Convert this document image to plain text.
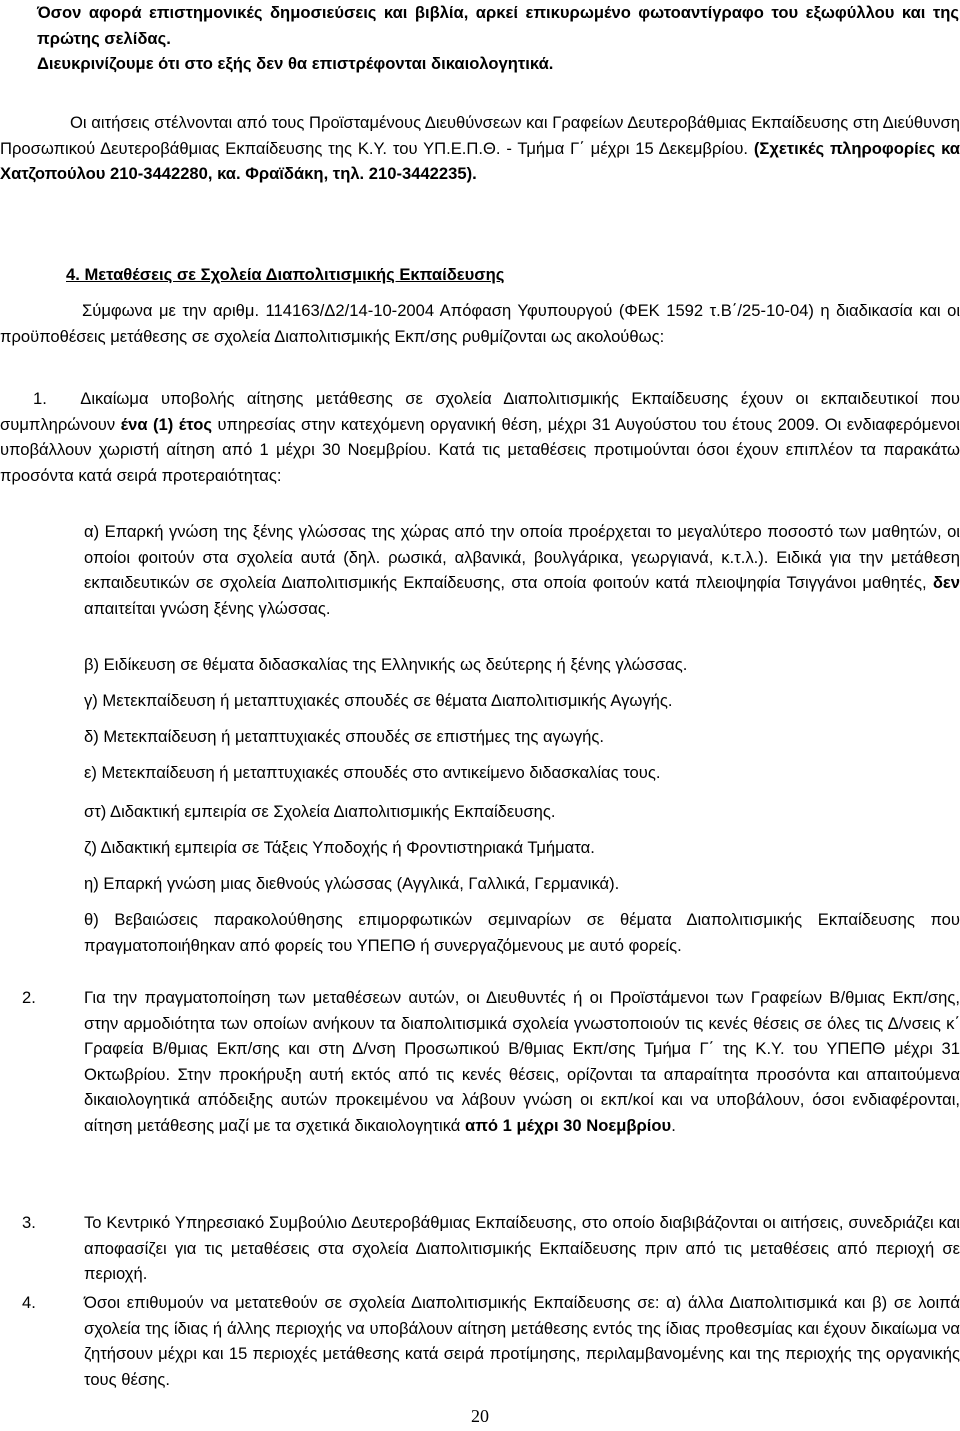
Όσον αφορά επιστημονικές δημοσιεύσεις και βιβλία, αρκεί επικυρωμένο φωτοαντίγραφο του εξωφύλλου και της πρώτης σελίδας.

Διευκρινίζουμε ότι στο εξής δεν θα επιστρέφονται δικαιολογητικά.

Οι αιτήσεις στέλνονται από τους Προϊσταμένους Διευθύνσεων και Γραφείων Δευτεροβάθμιας Εκπαίδευσης στη Διεύθυνση Προσωπικού Δευτεροβάθμιας Εκπαίδευσης της Κ.Υ. του ΥΠ.Ε.Π.Θ. - Τμήμα Γ΄ μέχρι 15 Δεκεμβρίου. (Σχετικές πληροφορίες κα Χατζοπούλου 210-3442280, κα. Φραϊδάκη, τηλ. 210-3442235).

4. Μεταθέσεις σε Σχολεία Διαπολιτισμικής Εκπαίδευσης

Σύμφωνα με την αριθμ. 114163/Δ2/14-10-2004 Απόφαση Υφυπουργού (ΦΕΚ 1592 τ.Β΄/25-10-04) η διαδικασία και οι προϋποθέσεις μετάθεσης σε σχολεία Διαπολιτισμικής Εκπ/σης ρυθμίζονται ως ακολούθως:

1. Δικαίωμα υποβολής αίτησης μετάθεσης σε σχολεία Διαπολιτισμικής Εκπαίδευσης έχουν οι εκπαιδευτικοί που συμπληρώνουν ένα (1) έτος υπηρεσίας στην κατεχόμενη οργανική θέση, μέχρι 31 Αυγούστου του έτους 2009. Οι ενδιαφερόμενοι υποβάλλουν χωριστή αίτηση από 1 μέχρι 30 Νοεμβρίου. Κατά τις μεταθέσεις προτιμούνται όσοι έχουν επιπλέον τα παρακάτω προσόντα κατά σειρά προτεραιότητας:
α) Επαρκή γνώση της ξένης γλώσσας της χώρας από την οποία προέρχεται το μεγαλύτερο ποσοστό των μαθητών, οι οποίοι φοιτούν στα σχολεία αυτά (δηλ. ρωσικά, αλβανικά, βουλγάρικα, γεωργιανά, κ.τ.λ.). Ειδικά για την μετάθεση εκπαιδευτικών σε σχολεία Διαπολιτισμικής Εκπαίδευσης, στα οποία φοιτούν κατά πλειοψηφία Τσιγγάνοι μαθητές, δεν απαιτείται γνώση ξένης γλώσσας.

β) Ειδίκευση σε θέματα διδασκαλίας της Ελληνικής ως δεύτερης ή ξένης γλώσσας.

γ) Μετεκπαίδευση ή μεταπτυχιακές σπουδές σε θέματα Διαπολιτισμικής Αγωγής.

δ) Μετεκπαίδευση ή μεταπτυχιακές σπουδές σε επιστήμες της αγωγής.

ε) Μετεκπαίδευση ή μεταπτυχιακές σπουδές στο αντικείμενο διδασκαλίας τους.

στ) Διδακτική εμπειρία σε Σχολεία Διαπολιτισμικής Εκπαίδευσης.

ζ) Διδακτική εμπειρία σε Τάξεις Υποδοχής ή Φροντιστηριακά Τμήματα.

η) Επαρκή γνώση μιας διεθνούς γλώσσας (Αγγλικά, Γαλλικά, Γερμανικά).

θ) Βεβαιώσεις παρακολούθησης επιμορφωτικών σεμιναρίων σε θέματα Διαπολιτισμικής Εκπαίδευσης που πραγματοποιήθηκαν από φορείς του ΥΠΕΠΘ ή συνεργαζόμενους με αυτό φορείς.

2.	Για την πραγματοποίηση των μεταθέσεων αυτών, οι Διευθυντές ή οι Προϊστάμενοι των Γραφείων Β/θμιας Εκπ/σης, στην αρμοδιότητα των οποίων ανήκουν τα διαπολιτισμικά σχολεία γνωστοποιούν τις κενές θέσεις σε όλες τις Δ/νσεις κ΄ Γραφεία Β/θμιας Εκπ/σης και στη Δ/νση Προσωπικού Β/θμιας Εκπ/σης Τμήμα Γ΄ της Κ.Υ. του ΥΠΕΠΘ μέχρι 31 Οκτωβρίου. Στην προκήρυξη αυτή εκτός από τις κενές θέσεις, ορίζονται τα απαραίτητα προσόντα και απαιτούμενα δικαιολογητικά απόδειξης αυτών προκειμένου να λάβουν γνώση οι εκπ/κοί και να υποβάλουν, όσοι ενδιαφέρονται, αίτηση μετάθεσης μαζί με τα σχετικά δικαιολογητικά από 1 μέχρι 30 Νοεμβρίου.
3.	Το Κεντρικό Υπηρεσιακό Συμβούλιο Δευτεροβάθμιας Εκπαίδευσης, στο οποίο διαβιβάζονται οι αιτήσεις, συνεδριάζει και αποφασίζει για τις μεταθέσεις στα σχολεία Διαπολιτισμικής Εκπαίδευσης πριν από τις μεταθέσεις από περιοχή σε περιοχή.
4.	Όσοι επιθυμούν να μετατεθούν σε σχολεία Διαπολιτισμικής Εκπαίδευσης σε: α) άλλα Διαπολιτισμικά και β) σε λοιπά σχολεία της ίδιας ή άλλης περιοχής να υποβάλουν αίτηση μετάθεσης εντός της ίδιας προθεσμίας και έχουν δικαίωμα να ζητήσουν μέχρι και 15 περιοχές μετάθεσης κατά σειρά προτίμησης, περιλαμβανομένης και της περιοχής της οργανικής τους θέσης.
20
